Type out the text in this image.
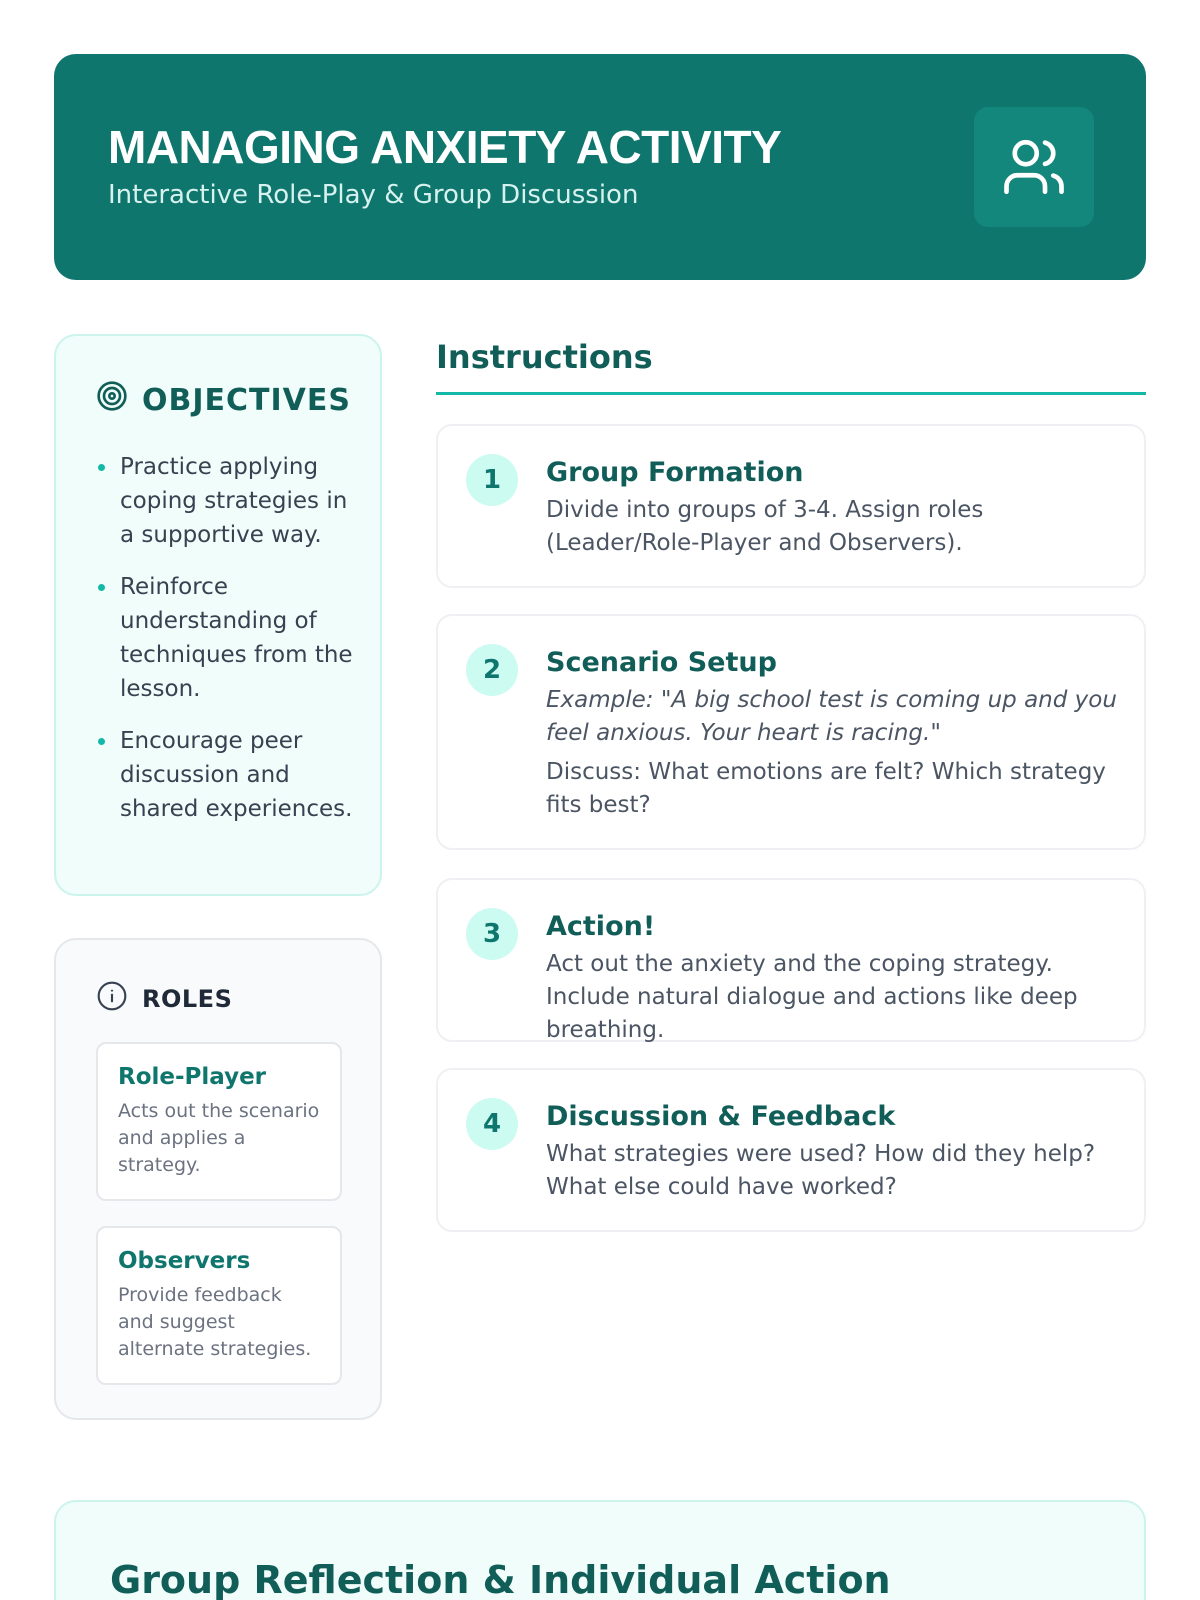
MANAGING ANXIETY ACTIVITY
Interactive Role-Play & Group Discussion
OBJECTIVES
Practice applying coping strategies in a supportive way.
Reinforce understanding of techniques from the lesson.
Encourage peer discussion and shared experiences.
ROLES
Role-Player
Acts out the scenario and applies a strategy.
Observers
Provide feedback and suggest alternate strategies.
Instructions
1	Group Formation
Divide into groups of 3-4. Assign roles (Leader/Role-Player and Observers).
2	Scenario Setup
Example: "A big school test is coming up and you feel anxious. Your heart is racing."
Discuss: What emotions are felt? Which strategy fits best?
3	Action!
Act out the anxiety and the coping strategy. Include natural dialogue and actions like deep breathing.
4	Discussion & Feedback
What strategies were used? How did they help? What else could have worked?
Group Reflection & Individual Action
